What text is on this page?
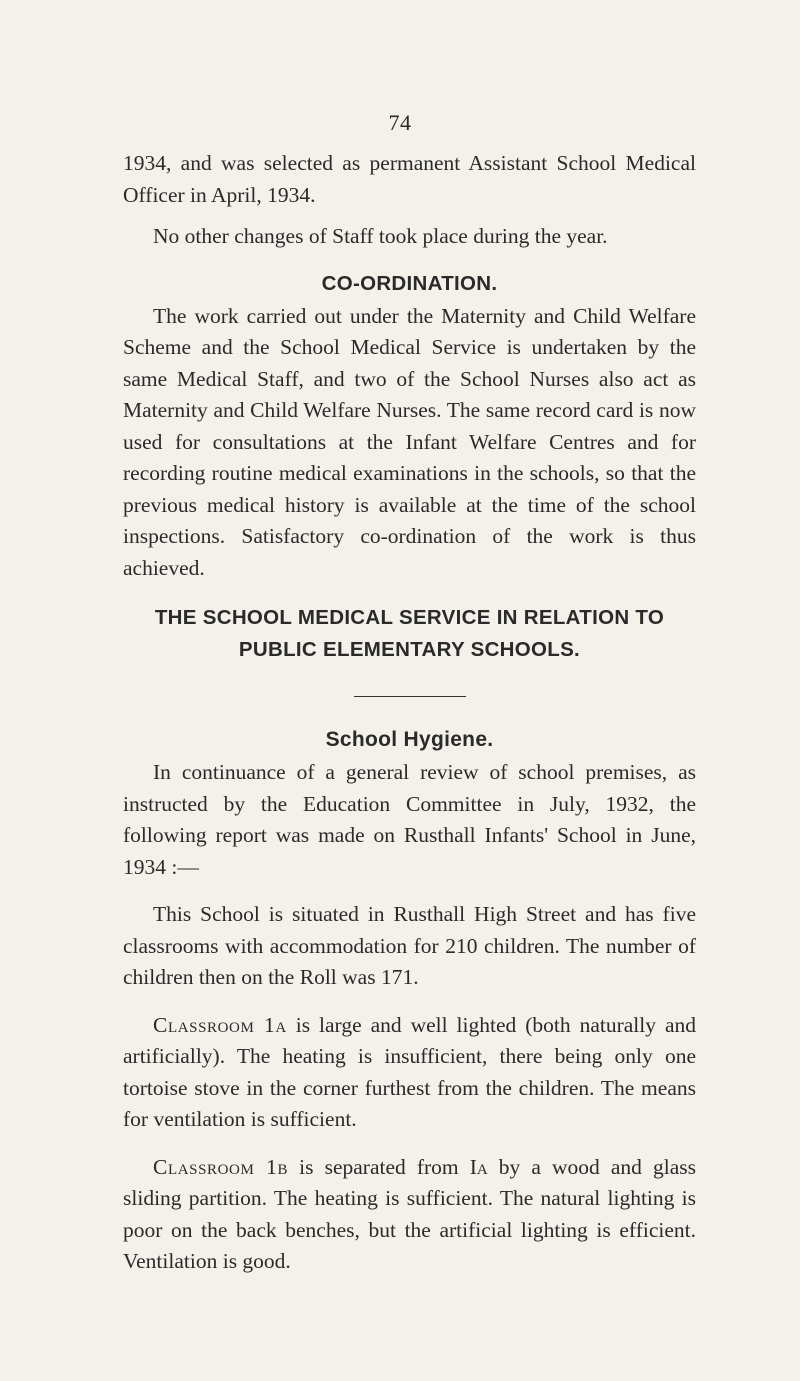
74

1934, and was selected as permanent Assistant School Medical Officer in April, 1934.

No other changes of Staff took place during the year.

CO-ORDINATION.

The work carried out under the Maternity and Child Welfare Scheme and the School Medical Service is undertaken by the same Medical Staff, and two of the School Nurses also act as Maternity and Child Welfare Nurses. The same record card is now used for consultations at the Infant Welfare Centres and for recording routine medical examinations in the schools, so that the previous medical history is available at the time of the school inspections. Satisfactory co-ordination of the work is thus achieved.

THE SCHOOL MEDICAL SERVICE IN RELATION TO PUBLIC ELEMENTARY SCHOOLS.
School Hygiene.

In continuance of a general review of school premises, as instructed by the Education Committee in July, 1932, the following report was made on Rusthall Infants' School in June, 1934 :—

This School is situated in Rusthall High Street and has five classrooms with accommodation for 210 children. The number of children then on the Roll was 171.

Classroom 1a is large and well lighted (both naturally and artificially). The heating is insufficient, there being only one tortoise stove in the corner furthest from the children. The means for ventilation is sufficient.

Classroom 1b is separated from Ia by a wood and glass sliding partition. The heating is sufficient. The natural lighting is poor on the back benches, but the artificial lighting is efficient. Ventilation is good.
